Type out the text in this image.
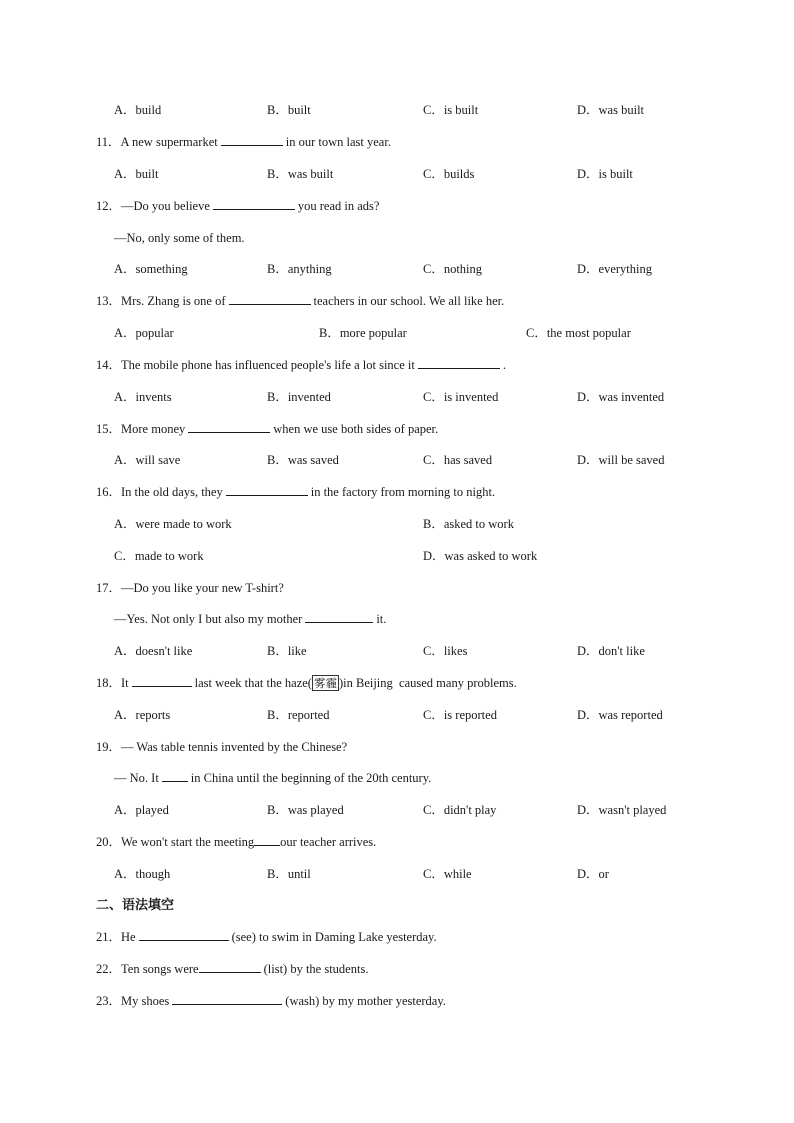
A．build	B．built	C．is built	D．was built
11．A new supermarket	in our town last year.
A．built	B．was built	C．builds	D．is built
12．—Do you believe	you read in ads?
—No, only some of them.
A．something	B．anything	C．nothing	D．everything
13．Mrs. Zhang is one of	teachers in our school. We all like her.
A．popular	B．more popular	C．the most popular
14．The mobile phone has influenced people's life a lot since it	.
A．invents	B．invented	C．is invented	D．was invented
15．More money	when we use both sides of paper.
A．will save	B．was saved	C．has saved	D．will be saved
16．In the old days, they	in the factory from morning to night.
A．were made to work	B．asked to work
C．made to work	D．was asked to work
17．—Do you like your new T-shirt?
—Yes. Not only I but also my mother	it.
A．doesn't like	B．like	C．likes	D．don't like
18．It	last week that the haze( 雾霾 )in Beijing  caused many problems.
A．reports	B．reported	C．is reported	D．was reported
19．— Was table tennis invented by the Chinese?
— No. It	in China until the beginning of the 20th century.
A．played	B．was played	C．didn't play	D．wasn't played
20．We won't start the meeting our teacher arrives.
A．though	B．until	C．while	D．or
二、语法填空
21．He	(see) to swim in Daming Lake yesterday.
22．Ten songs were	(list) by the students.
23．My shoes	(wash) by my mother yesterday.
